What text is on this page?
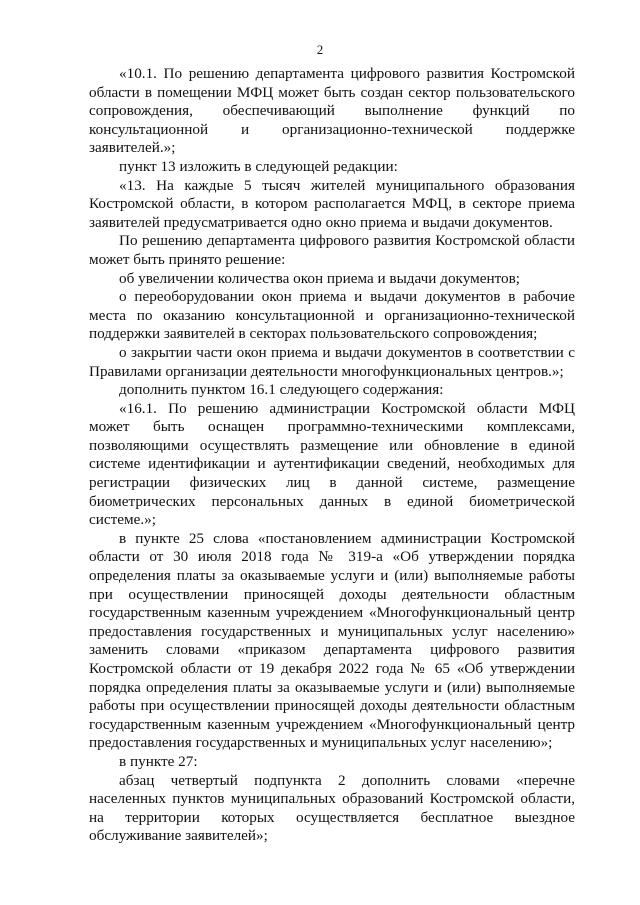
2

«10.1. По решению департамента цифрового развития Костромской области в помещении МФЦ может быть создан сектор пользовательского сопровождения, обеспечивающий выполнение функций по консультационной и организационно-технической поддержке заявителей.»;

пункт 13 изложить в следующей редакции:

«13. На каждые 5 тысяч жителей муниципального образования Костромской области, в котором располагается МФЦ, в секторе приема заявителей предусматривается одно окно приема и выдачи документов.

По решению департамента цифрового развития Костромской области может быть принято решение:

об увеличении количества окон приема и выдачи документов;

о переоборудовании окон приема и выдачи документов в рабочие места по оказанию консультационной и организационно-технической поддержки заявителей в секторах пользовательского сопровождения;

о закрытии части окон приема и выдачи документов в соответствии с Правилами организации деятельности многофункциональных центров.»;

дополнить пунктом 16.1 следующего содержания:

«16.1. По решению администрации Костромской области МФЦ может быть оснащен программно-техническими комплексами, позволяющими осуществлять размещение или обновление в единой системе идентификации и аутентификации сведений, необходимых для регистрации физических лиц в данной системе, размещение биометрических персональных данных в единой биометрической системе.»;

в пункте 25 слова «постановлением администрации Костромской области от 30 июля 2018 года № 319-а «Об утверждении порядка определения платы за оказываемые услуги и (или) выполняемые работы при осуществлении приносящей доходы деятельности областным государственным казенным учреждением «Многофункциональный центр предоставления государственных и муниципальных услуг населению» заменить словами «приказом департамента цифрового развития Костромской области от 19 декабря 2022 года № 65 «Об утверждении порядка определения платы за оказываемые услуги и (или) выполняемые работы при осуществлении приносящей доходы деятельности областным государственным казенным учреждением «Многофункциональный центр предоставления государственных и муниципальных услуг населению»;

в пункте 27:

абзац четвертый подпункта 2 дополнить словами «перечне населенных пунктов муниципальных образований Костромской области, на территории которых осуществляется бесплатное выездное обслуживание заявителей»;
